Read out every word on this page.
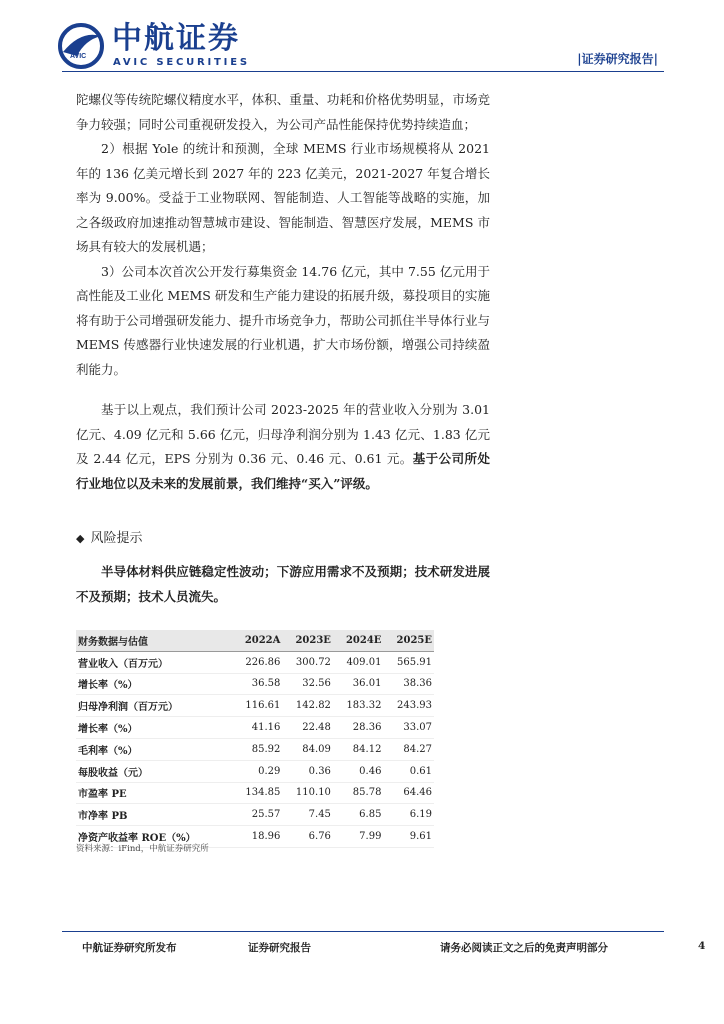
AVIC
中航证券
AVIC SECURITIES	|证券研究报告|

陀螺仪等传统陀螺仪精度水平，体积、重量、功耗和价格优势明显，市场竞争力较强；同时公司重视研发投入，为公司产品性能保持优势持续造血；

2）根据 Yole 的统计和预测，全球 MEMS 行业市场规模将从 2021 年的 136 亿美元增长到 2027 年的 223 亿美元，2021-2027 年复合增长率为 9.00%。受益于工业物联网、智能制造、人工智能等战略的实施，加之各级政府加速推动智慧城市建设、智能制造、智慧医疗发展，MEMS 市场具有较大的发展机遇；

3）公司本次首次公开发行募集资金 14.76 亿元，其中 7.55 亿元用于高性能及工业化 MEMS 研发和生产能力建设的拓展升级，募投项目的实施将有助于公司增强研发能力、提升市场竞争力，帮助公司抓住半导体行业与 MEMS 传感器行业快速发展的行业机遇，扩大市场份额，增强公司持续盈利能力。

基于以上观点，我们预计公司 2023-2025 年的营业收入分别为 3.01 亿元、4.09 亿元和 5.66 亿元，归母净利润分别为 1.43 亿元、1.83 亿元及 2.44 亿元，EPS 分别为 0.36 元、0.46 元、0.61 元。基于公司所处行业地位以及未来的发展前景，我们维持“买入”评级。

◆ 风险提示

半导体材料供应链稳定性波动；下游应用需求不及预期；技术研发进展不及预期；技术人员流失。

财务数据与估值	2022A	2023E	2024E	2025E
营业收入（百万元）	226.86	300.72	409.01	565.91
增长率（%）	36.58	32.56	36.01	38.36
归母净利润（百万元）	116.61	142.82	183.32	243.93
增长率（%）	41.16	22.48	28.36	33.07
毛利率（%）	85.92	84.09	84.12	84.27
每股收益（元）	0.29	0.36	0.46	0.61
市盈率 PE	134.85	110.10	85.78	64.46
市净率 PB	25.57	7.45	6.85	6.19
净资产收益率 ROE（%）	18.96	6.76	7.99	9.61
资料来源：iFind，中航证券研究所
中航证券研究所发布	证券研究报告	请务必阅读正文之后的免责声明部分	4
